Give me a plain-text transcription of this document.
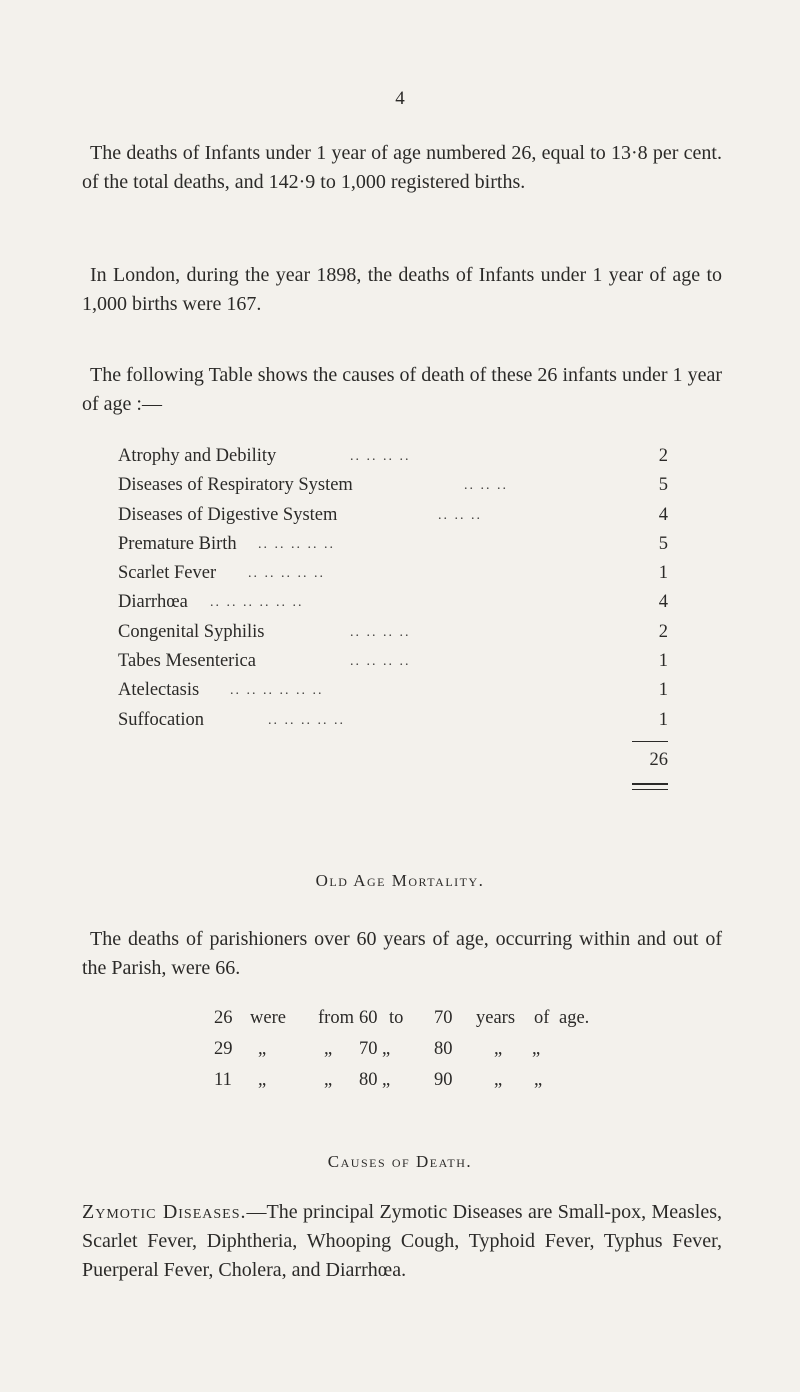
4

The deaths of Infants under 1 year of age numbered 26, equal to 13·8 per cent. of the total deaths, and 142·9 to 1,000 registered births.

In London, during the year 1898, the deaths of Infants under 1 year of age to 1,000 births were 167.

The following Table shows the causes of death of these 26 infants under 1 year of age :—

Atrophy and Debility	.. .. .. ..	2
Diseases of Respiratory System	.. .. ..	5
Diseases of Digestive System	.. .. ..	4
Premature Birth .. .. .. .. ..	5
Scarlet Fever .. .. .. .. ..	1
Diarrhœa .. .. .. .. .. ..	4
Congenital Syphilis	.. .. .. ..	2
Tabes Mesenterica	.. .. .. ..	1
Atelectasis .. .. .. .. .. ..	1
Suffocation	.. .. .. .. ..	1
26
Old Age Mortality.

The deaths of parishioners over 60 years of age, occurring within and out of the Parish, were 66.

26 were from 60 to 70 years of age.
29 „	„ 70 „ 80 „ „
11 „	„ 80 „ 90 „ „
Causes of Death.

Zymotic Diseases.—The principal Zymotic Diseases are Small-pox, Measles, Scarlet Fever, Diphtheria, Whooping Cough, Typhoid Fever, Typhus Fever, Puerperal Fever, Cholera, and Diarrhœa.
